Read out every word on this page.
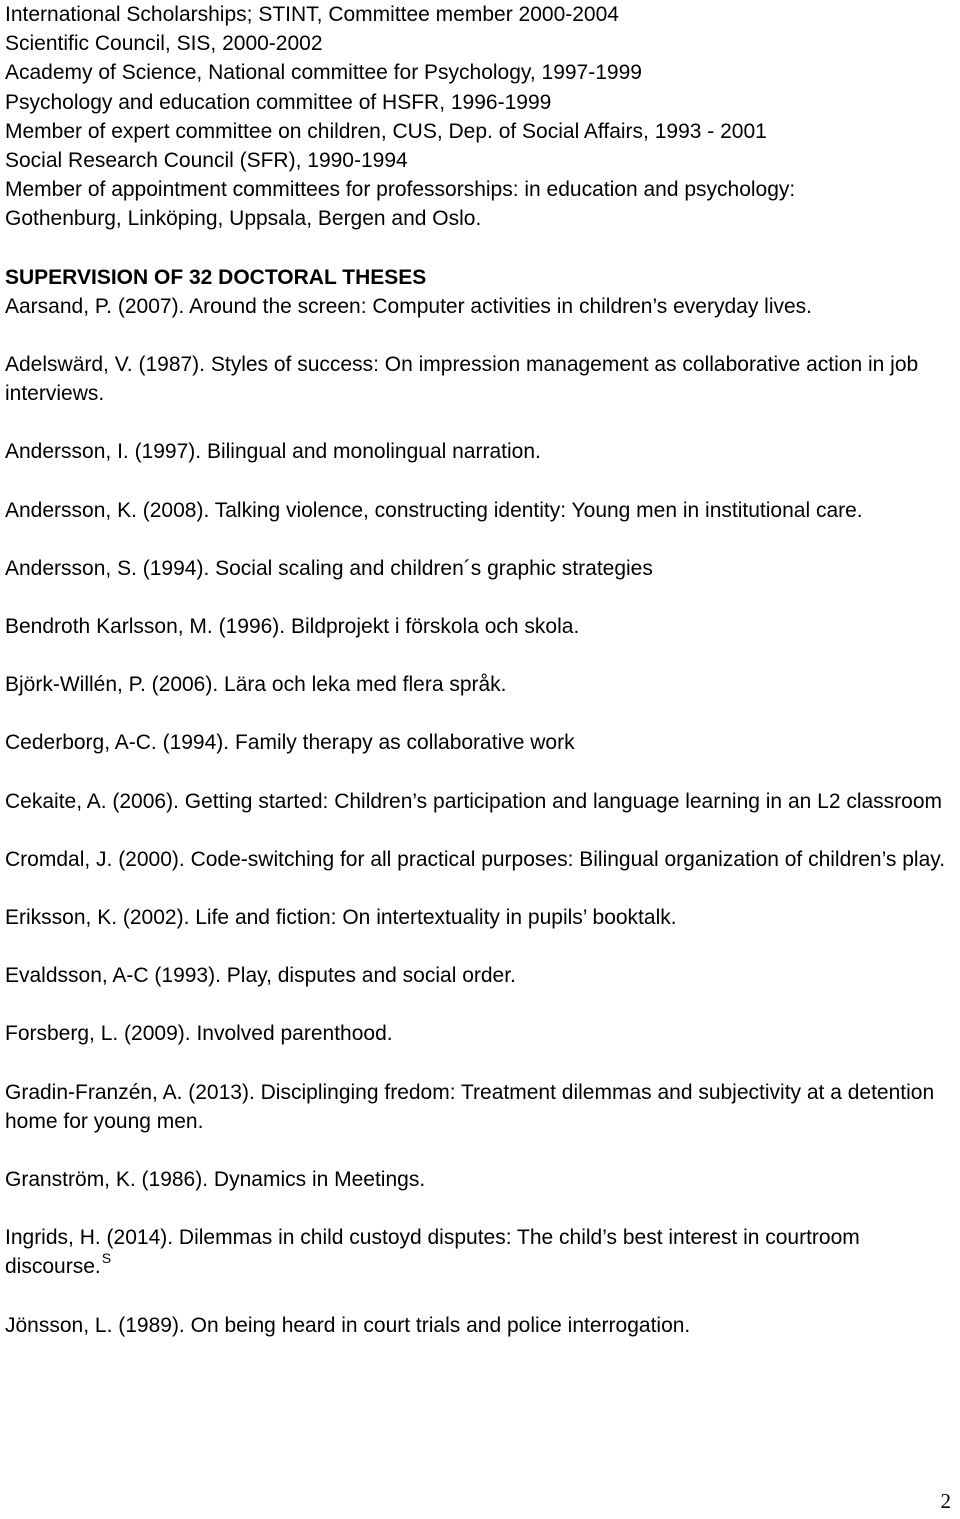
International Scholarships; STINT, Committee member 2000-2004
Scientific Council, SIS, 2000-2002
Academy of Science, National committee for Psychology, 1997-1999
Psychology and education committee of HSFR, 1996-1999
Member of expert committee on children, CUS, Dep. of Social Affairs, 1993 - 2001
Social Research Council (SFR), 1990-1994
Member of appointment committees for professorships: in education and psychology:
Gothenburg, Linköping, Uppsala, Bergen and Oslo.
SUPERVISION OF 32 DOCTORAL THESES
Aarsand, P. (2007). Around the screen: Computer activities in children’s everyday lives.
Adelswärd, V. (1987). Styles of success: On impression management as collaborative action in job interviews.
Andersson, I. (1997). Bilingual and monolingual narration.
Andersson, K. (2008). Talking violence, constructing identity: Young men in institutional care.
Andersson, S. (1994). Social scaling and children´s graphic strategies
Bendroth Karlsson, M. (1996). Bildprojekt i förskola och skola.
Björk-Willén, P. (2006). Lära och leka med flera språk.
Cederborg, A-C. (1994). Family therapy as collaborative work
Cekaite, A. (2006). Getting started: Children’s participation and language learning in an L2 classroom
Cromdal, J. (2000). Code-switching for all practical purposes: Bilingual organization of children’s play.
Eriksson, K. (2002). Life and fiction: On intertextuality in pupils’ booktalk.
Evaldsson, A-C (1993). Play, disputes and social order.
Forsberg, L. (2009). Involved parenthood.
Gradin-Franzén, A. (2013). Disciplinging fredom: Treatment dilemmas and subjectivity at a detention home for young men.
Granström, K. (1986). Dynamics in Meetings.
Ingrids, H. (2014). Dilemmas in child custoyd disputes: The child’s best interest in courtroom discourse.$^S$
Jönsson, L. (1989). On being heard in court trials and police interrogation.
2
